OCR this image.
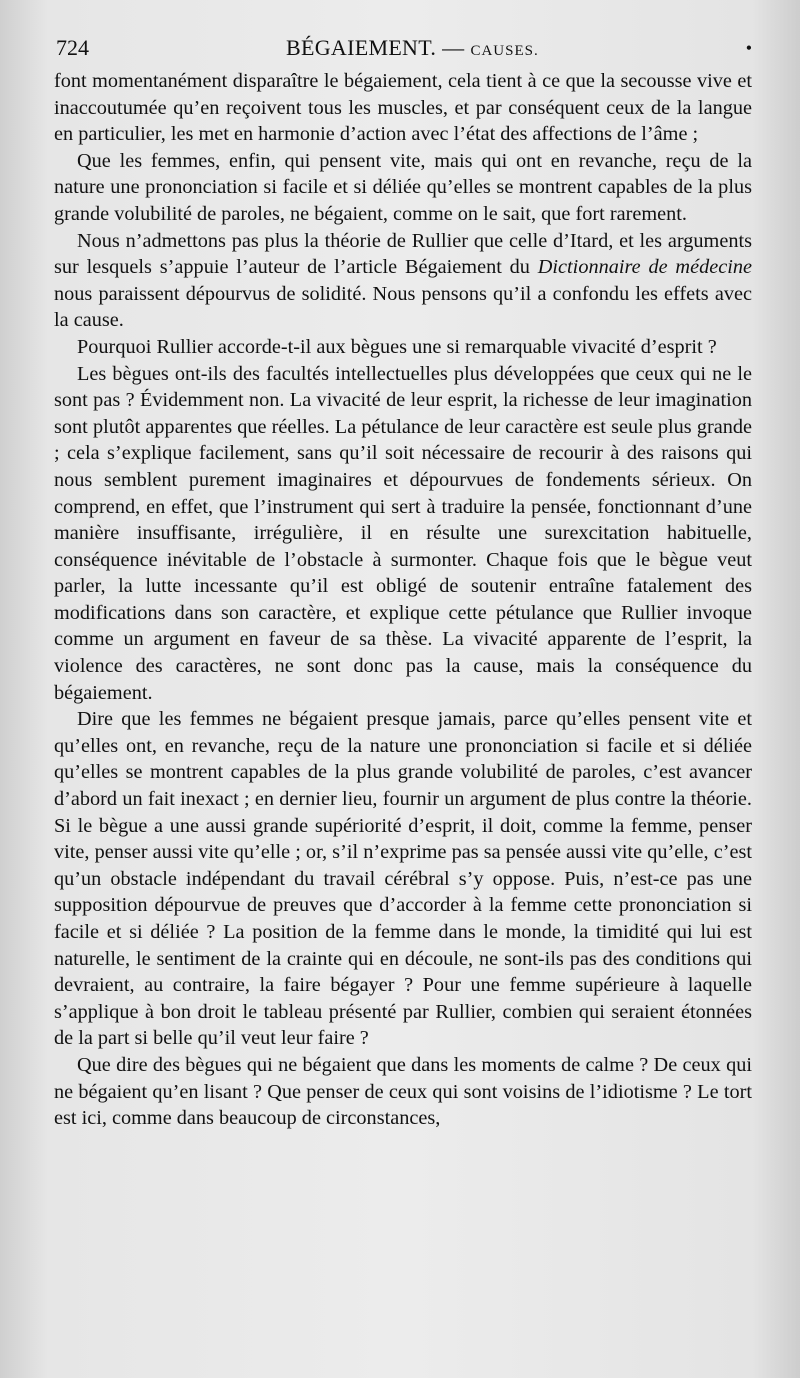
724	BÉGAIEMENT. — CAUSES.	•

font momentanément disparaître le bégaiement, cela tient à ce que la secousse vive et inaccoutumée qu’en reçoivent tous les muscles, et par conséquent ceux de la langue en particulier, les met en harmonie d’action avec l’état des affections de l’âme ;

Que les femmes, enfin, qui pensent vite, mais qui ont en revanche, reçu de la nature une prononciation si facile et si déliée qu’elles se montrent capables de la plus grande volubilité de paroles, ne bégaient, comme on le sait, que fort rarement.

Nous n’admettons pas plus la théorie de Rullier que celle d’Itard, et les arguments sur lesquels s’appuie l’auteur de l’article Bégaiement du Dictionnaire de médecine nous paraissent dépourvus de solidité. Nous pensons qu’il a confondu les effets avec la cause.

Pourquoi Rullier accorde-t-il aux bègues une si remarquable vivacité d’esprit ?

Les bègues ont-ils des facultés intellectuelles plus développées que ceux qui ne le sont pas ? Évidemment non. La vivacité de leur esprit, la richesse de leur imagination sont plutôt apparentes que réelles. La pétulance de leur caractère est seule plus grande ; cela s’explique facilement, sans qu’il soit nécessaire de recourir à des raisons qui nous semblent purement imaginaires et dépourvues de fondements sérieux. On comprend, en effet, que l’instrument qui sert à traduire la pensée, fonctionnant d’une manière insuffisante, irrégulière, il en résulte une surexcitation habituelle, conséquence inévitable de l’obstacle à surmonter. Chaque fois que le bègue veut parler, la lutte incessante qu’il est obligé de soutenir entraîne fatalement des modifications dans son caractère, et explique cette pétulance que Rullier invoque comme un argument en faveur de sa thèse. La vivacité apparente de l’esprit, la violence des caractères, ne sont donc pas la cause, mais la conséquence du bégaiement.

Dire que les femmes ne bégaient presque jamais, parce qu’elles pensent vite et qu’elles ont, en revanche, reçu de la nature une prononciation si facile et si déliée qu’elles se montrent capables de la plus grande volubilité de paroles, c’est avancer d’abord un fait inexact ; en dernier lieu, fournir un argument de plus contre la théorie. Si le bègue a une aussi grande supériorité d’esprit, il doit, comme la femme, penser vite, penser aussi vite qu’elle ; or, s’il n’exprime pas sa pensée aussi vite qu’elle, c’est qu’un obstacle indépendant du travail cérébral s’y oppose. Puis, n’est-ce pas une supposition dépourvue de preuves que d’accorder à la femme cette prononciation si facile et si déliée ? La position de la femme dans le monde, la timidité qui lui est naturelle, le sentiment de la crainte qui en découle, ne sont-ils pas des conditions qui devraient, au contraire, la faire bégayer ? Pour une femme supérieure à laquelle s’applique à bon droit le tableau présenté par Rullier, combien qui seraient étonnées de la part si belle qu’il veut leur faire ?

Que dire des bègues qui ne bégaient que dans les moments de calme ? De ceux qui ne bégaient qu’en lisant ? Que penser de ceux qui sont voisins de l’idiotisme ? Le tort est ici, comme dans beaucoup de circonstances,
